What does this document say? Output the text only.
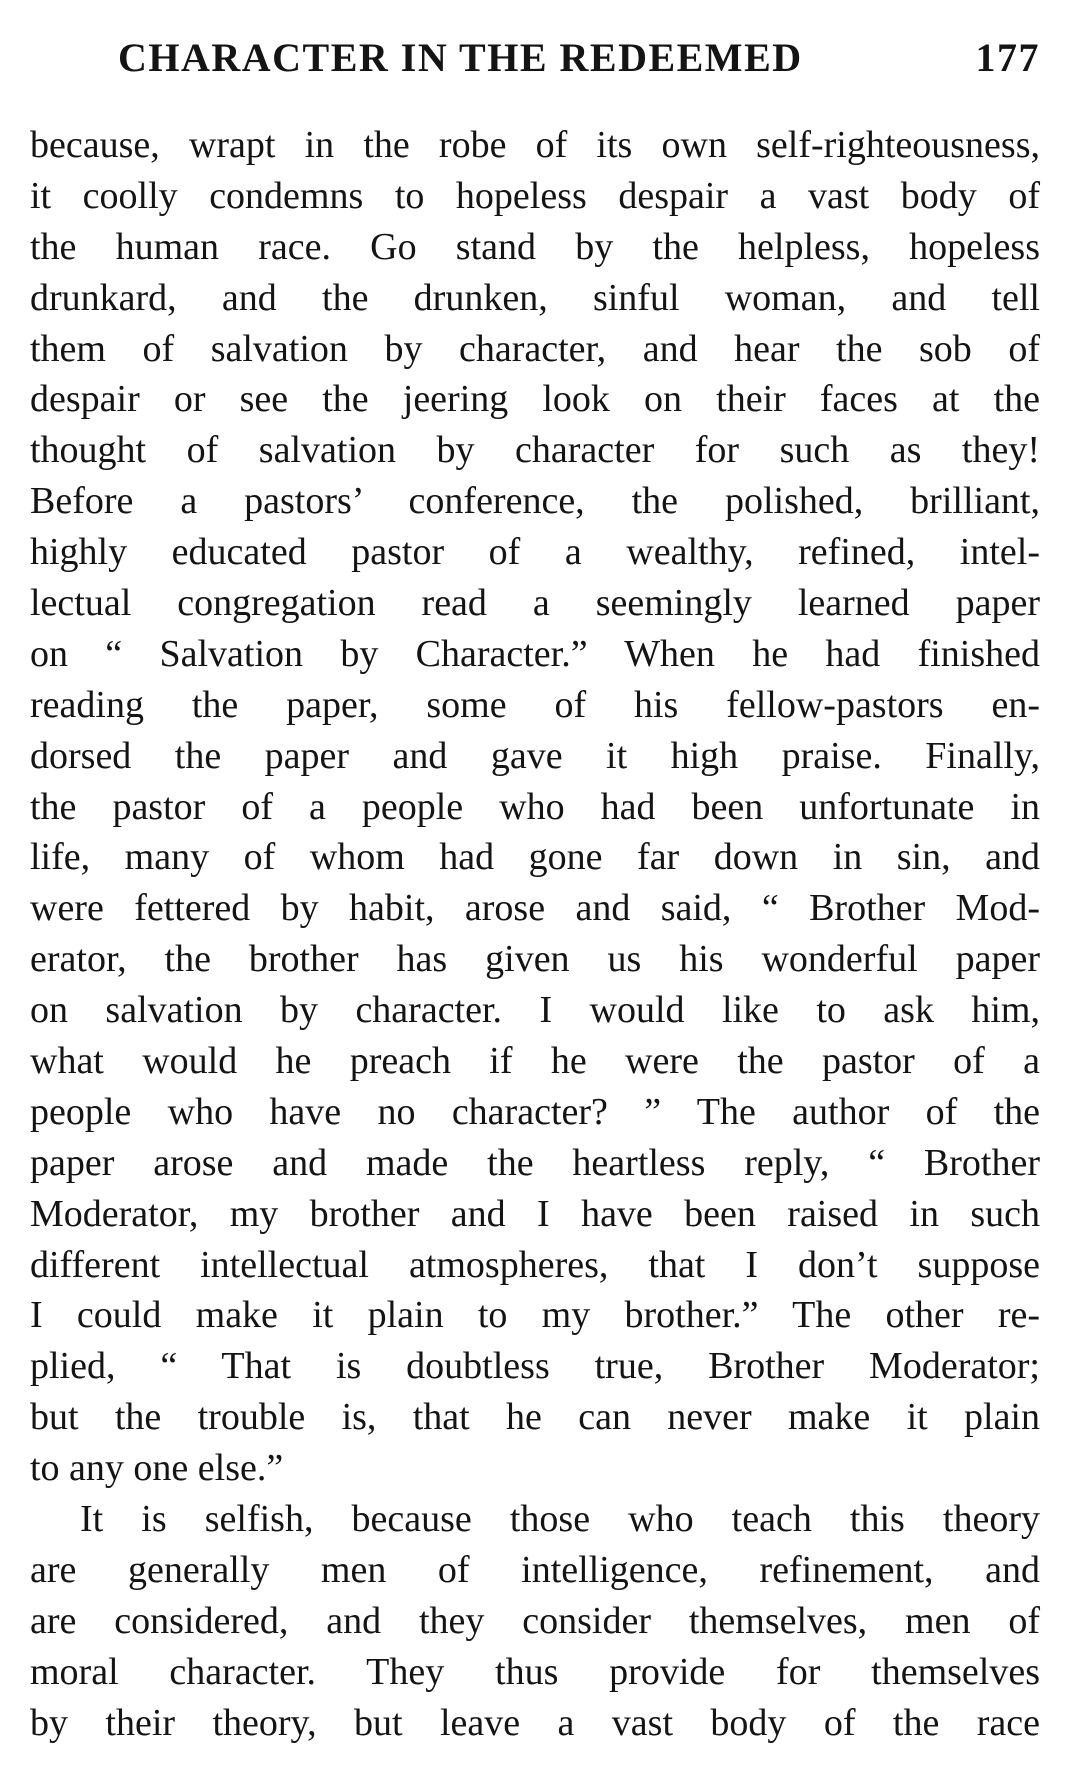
CHARACTER IN THE REDEEMED	177
because, wrapt in the robe of its own self-righteousness,
it coolly condemns to hopeless despair a vast body of
the human race. Go stand by the helpless, hopeless
drunkard, and the drunken, sinful woman, and tell
them of salvation by character, and hear the sob of
despair or see the jeering look on their faces at the
thought of salvation by character for such as they!
Before a pastors’ conference, the polished, brilliant,
highly educated pastor of a wealthy, refined, intel-
lectual congregation read a seemingly learned paper
on “ Salvation by Character.” When he had finished
reading the paper, some of his fellow-pastors en-
dorsed the paper and gave it high praise. Finally,
the pastor of a people who had been unfortunate in
life, many of whom had gone far down in sin, and
were fettered by habit, arose and said, “ Brother Mod-
erator, the brother has given us his wonderful paper
on salvation by character. I would like to ask him,
what would he preach if he were the pastor of a
people who have no character? ” The author of the
paper arose and made the heartless reply, “ Brother
Moderator, my brother and I have been raised in such
different intellectual atmospheres, that I don’t suppose
I could make it plain to my brother.” The other re-
plied, “ That is doubtless true, Brother Moderator;
but the trouble is, that he can never make it plain
to any one else.”
It is selfish, because those who teach this theory
are generally men of intelligence, refinement, and
are considered, and they consider themselves, men of
moral character. They thus provide for themselves
by their theory, but leave a vast body of the race
